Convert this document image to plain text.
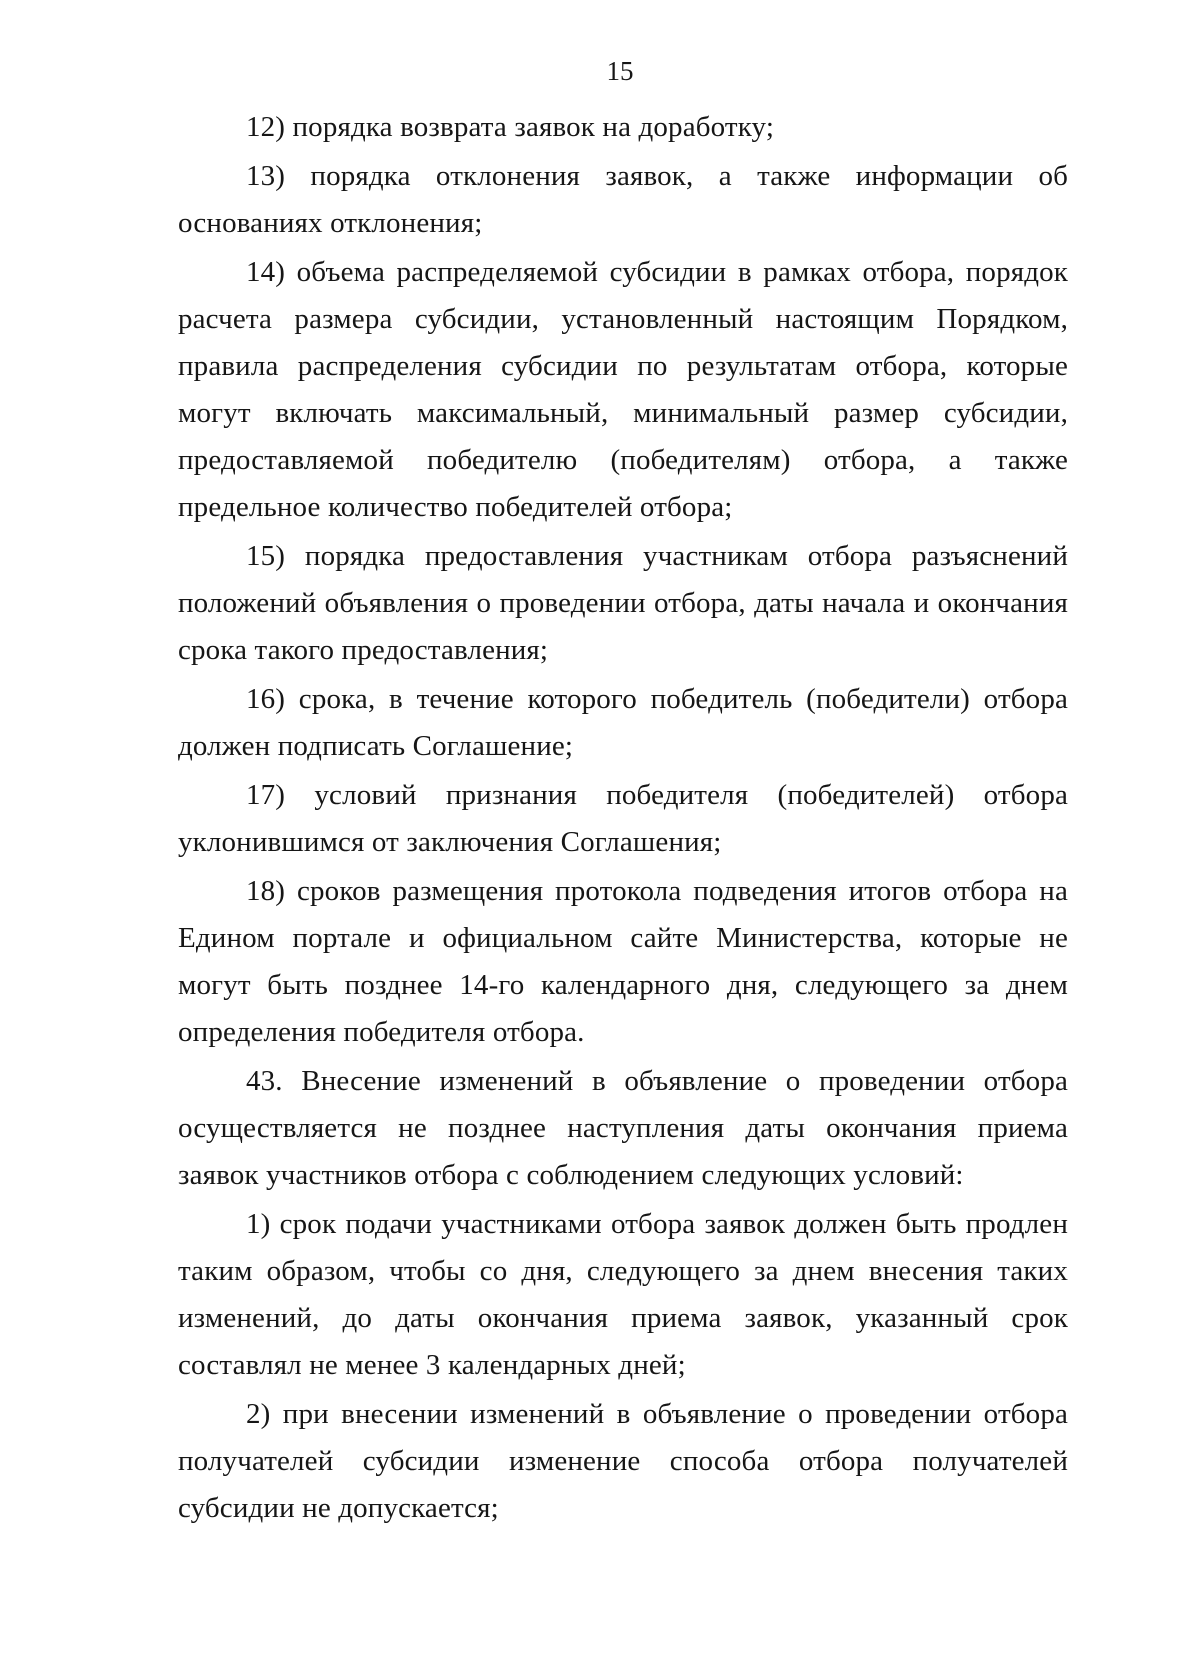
15

12) порядка возврата заявок на доработку;

13) порядка отклонения заявок, а также информации об основаниях отклонения;

14) объема распределяемой субсидии в рамках отбора, порядок расчета размера субсидии, установленный настоящим Порядком, правила распределения субсидии по результатам отбора, которые могут включать максимальный, минимальный размер субсидии, предоставляемой победителю (победителям) отбора, а также предельное количество победителей отбора;

15) порядка предоставления участникам отбора разъяснений положений объявления о проведении отбора, даты начала и окончания срока такого предоставления;

16) срока, в течение которого победитель (победители) отбора должен подписать Соглашение;

17) условий признания победителя (победителей) отбора уклонившимся от заключения Соглашения;

18) сроков размещения протокола подведения итогов отбора на Едином портале и официальном сайте Министерства, которые не могут быть позднее 14-го календарного дня, следующего за днем определения победителя отбора.

43. Внесение изменений в объявление о проведении отбора осуществляется не позднее наступления даты окончания приема заявок участников отбора с соблюдением следующих условий:

1) срок подачи участниками отбора заявок должен быть продлен таким образом, чтобы со дня, следующего за днем внесения таких изменений, до даты окончания приема заявок, указанный срок составлял не менее 3 календарных дней;

2) при внесении изменений в объявление о проведении отбора получателей субсидии изменение способа отбора получателей субсидии не допускается;
